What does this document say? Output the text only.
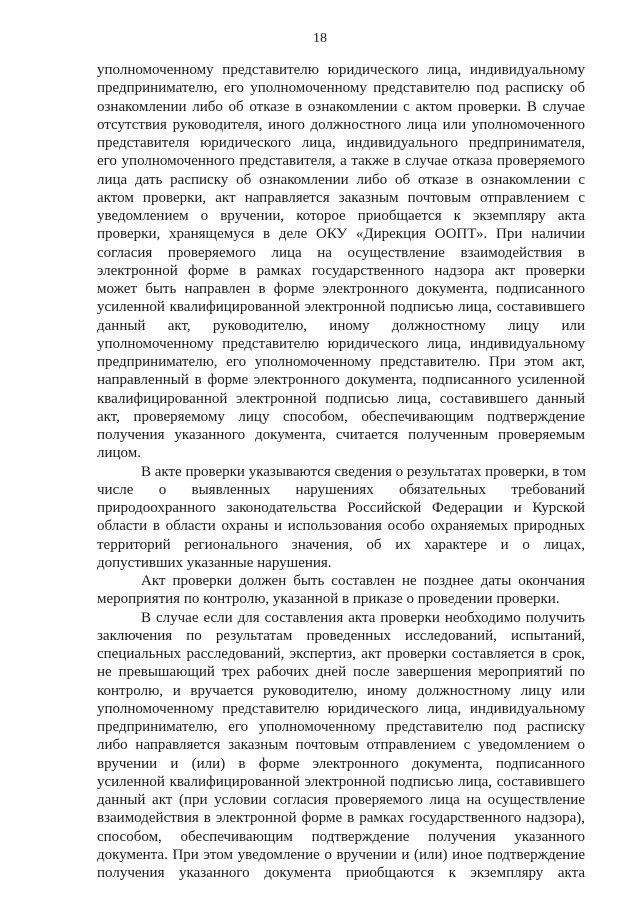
18
уполномоченному представителю юридического лица, индивидуальному
предпринимателю, его уполномоченному представителю под расписку об
ознакомлении либо об отказе в ознакомлении с актом проверки. В случае
отсутствия руководителя, иного должностного лица или уполномоченного
представителя юридического лица, индивидуального предпринимателя,
его уполномоченного представителя, а также в случае отказа проверяемого
лица дать расписку об ознакомлении либо об отказе в ознакомлении с
актом проверки, акт направляется заказным почтовым отправлением с
уведомлением о вручении, которое приобщается к экземпляру акта
проверки, хранящемуся в деле ОКУ «Дирекция ООПТ». При наличии
согласия проверяемого лица на осуществление взаимодействия в
электронной форме в рамках государственного надзора акт проверки
может быть направлен в форме электронного документа, подписанного
усиленной квалифицированной электронной подписью лица, составившего
данный акт, руководителю, иному должностному лицу или
уполномоченному представителю юридического лица, индивидуальному
предпринимателю, его уполномоченному представителю. При этом акт,
направленный в форме электронного документа, подписанного усиленной
квалифицированной электронной подписью лица, составившего данный
акт, проверяемому лицу способом, обеспечивающим подтверждение
получения указанного документа, считается полученным проверяемым
лицом.
В акте проверки указываются сведения о результатах проверки, в том
числе о выявленных нарушениях обязательных требований
природоохранного законодательства Российской Федерации и Курской
области в области охраны и использования особо охраняемых природных
территорий регионального значения, об их характере и о лицах,
допустивших указанные нарушения.
Акт проверки должен быть составлен не позднее даты окончания
мероприятия по контролю, указанной в приказе о проведении проверки.
В случае если для составления акта проверки необходимо получить
заключения по результатам проведенных исследований, испытаний,
специальных расследований, экспертиз, акт проверки составляется в срок,
не превышающий трех рабочих дней после завершения мероприятий по
контролю, и вручается руководителю, иному должностному лицу или
уполномоченному представителю юридического лица, индивидуальному
предпринимателю, его уполномоченному представителю под расписку
либо направляется заказным почтовым отправлением с уведомлением о
вручении и (или) в форме электронного документа, подписанного
усиленной квалифицированной электронной подписью лица, составившего
данный акт (при условии согласия проверяемого лица на осуществление
взаимодействия в электронной форме в рамках государственного надзора),
способом, обеспечивающим подтверждение получения указанного
документа. При этом уведомление о вручении и (или) иное подтверждение
получения указанного документа приобщаются к экземпляру акта
